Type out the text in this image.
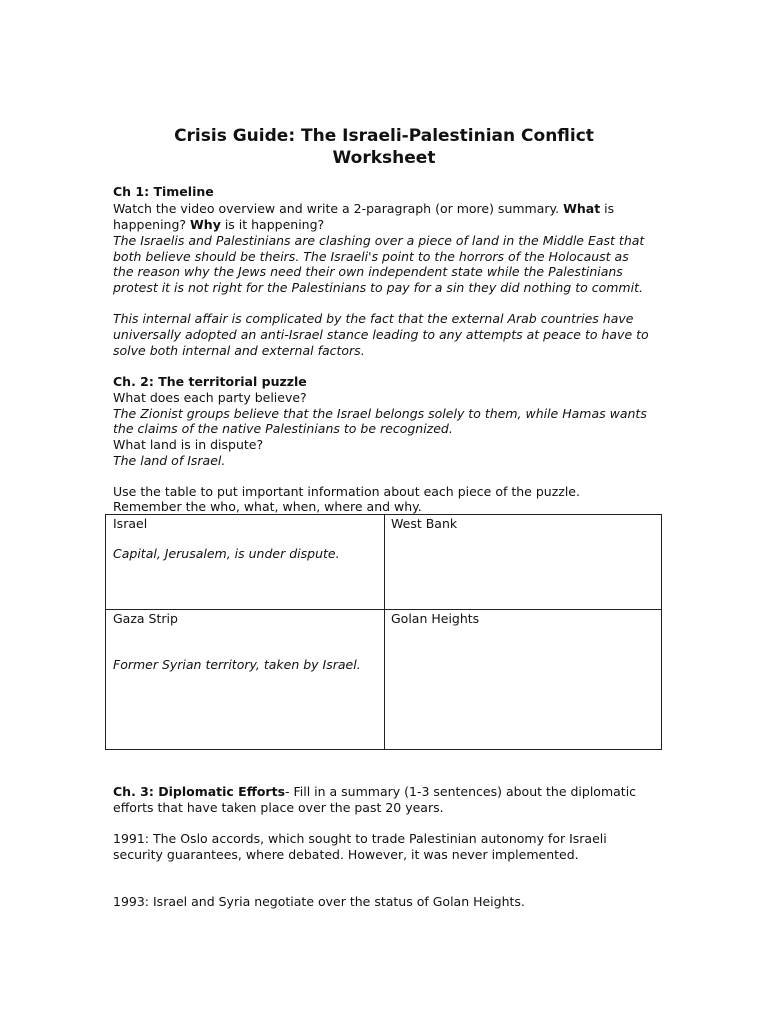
Crisis Guide: The Israeli-Palestinian Conflict
Worksheet
Ch 1: Timeline
Watch the video overview and write a 2-paragraph (or more) summary. What is
happening? Why is it happening?
The Israelis and Palestinians are clashing over a piece of land in the Middle East that
both believe should be theirs. The Israeli's point to the horrors of the Holocaust as
the reason why the Jews need their own independent state while the Palestinians
protest it is not right for the Palestinians to pay for a sin they did nothing to commit.
This internal affair is complicated by the fact that the external Arab countries have
universally adopted an anti-Israel stance leading to any attempts at peace to have to
solve both internal and external factors.
Ch. 2: The territorial puzzle
What does each party believe?
The Zionist groups believe that the Israel belongs solely to them, while Hamas wants
the claims of the native Palestinians to be recognized.
What land is in dispute?
The land of Israel.
Use the table to put important information about each piece of the puzzle.
Remember the who, what, when, where and why.
Israel
Capital, Jerusalem, is under dispute.
West Bank
Gaza Strip
Former Syrian territory, taken by Israel.
Golan Heights
Ch. 3: Diplomatic Efforts- Fill in a summary (1-3 sentences) about the diplomatic
efforts that have taken place over the past 20 years.
1991: The Oslo accords, which sought to trade Palestinian autonomy for Israeli
security guarantees, where debated. However, it was never implemented.
1993: Israel and Syria negotiate over the status of Golan Heights.
